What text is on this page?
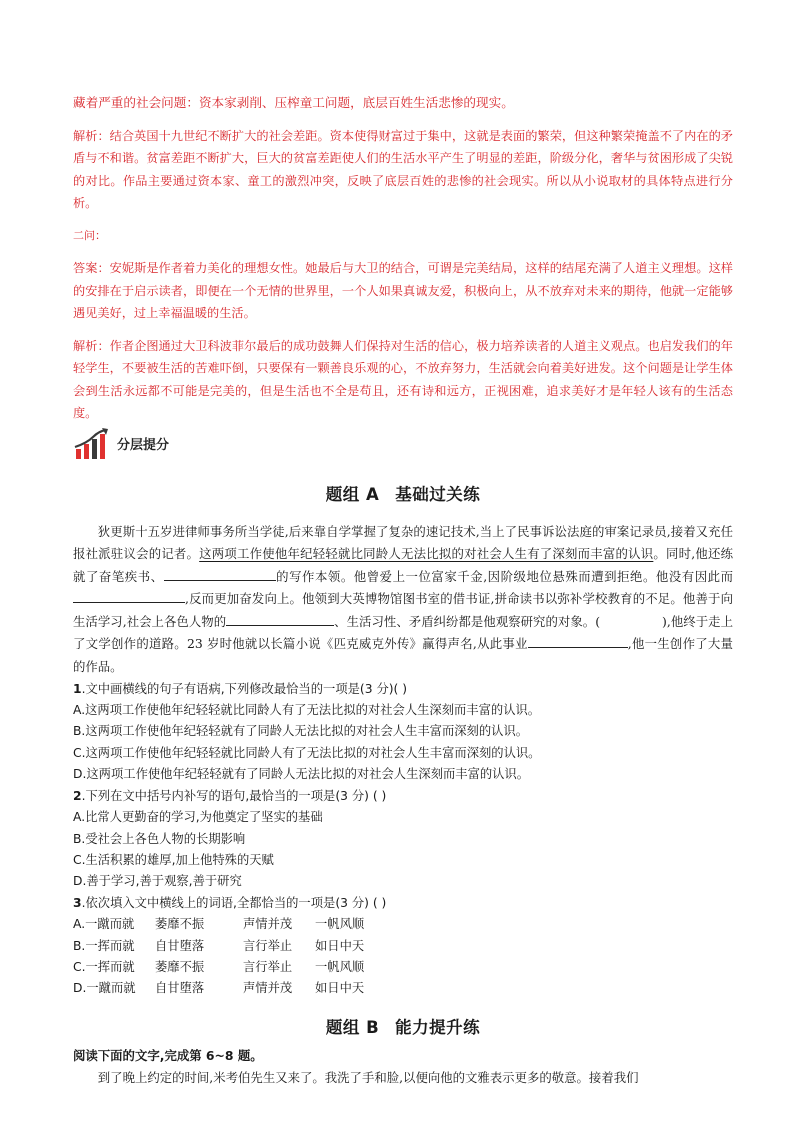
藏着严重的社会问题：资本家剥削、压榨童工问题，底层百姓生活悲惨的现实。

解析：结合英国十九世纪不断扩大的社会差距。资本使得财富过于集中，这就是表面的繁荣，但这种繁荣掩盖不了内在的矛盾与不和谐。贫富差距不断扩大，巨大的贫富差距使人们的生活水平产生了明显的差距，阶级分化，奢华与贫困形成了尖锐的对比。作品主要通过资本家、童工的激烈冲突，反映了底层百姓的悲惨的社会现实。所以从小说取材的具体特点进行分析。

二问：

答案：安妮斯是作者着力美化的理想女性。她最后与大卫的结合，可谓是完美结局，这样的结尾充满了人道主义理想。这样的安排在于启示读者，即便在一个无情的世界里，一个人如果真诚友爱，积极向上，从不放弃对未来的期待，他就一定能够遇见美好，过上幸福温暖的生活。

解析：作者企图通过大卫科波菲尔最后的成功鼓舞人们保持对生活的信心，极力培养读者的人道主义观点。也启发我们的年轻学生，不要被生活的苦难吓倒，只要保有一颗善良乐观的心，不放弃努力，生活就会向着美好进发。这个问题是让学生体会到生活永远都不可能是完美的，但是生活也不全是苟且，还有诗和远方，正视困难，追求美好才是年轻人该有的生活态度。

分层提分
题组 A 基础过关练

狄更斯十五岁进律师事务所当学徒,后来靠自学掌握了复杂的速记技术,当上了民事诉讼法庭的审案记录员,接着又充任报社派驻议会的记者。这两项工作使他年纪轻轻就比同龄人无法比拟的对社会人生有了深刻而丰富的认识。同时,他还练就了奋笔疾书、	的写作本领。他曾爱上一位富家千金,因阶级地位悬殊而遭到拒绝。他没有因此而,反而更加奋发向上。他领到大英博物馆图书室的借书证,拼命读书以弥补学校教育的不足。他善于向生活学习,社会上各色人物的	、生活习性、矛盾纠纷都是他观察研究的对象。(	),他终于走上了文学创作的道路。23 岁时他就以长篇小说《匹克威克外传》赢得声名,从此事业	,他一生创作了大量的作品。

1.文中画横线的句子有语病,下列修改最恰当的一项是(3 分)( )

A.这两项工作使他年纪轻轻就比同龄人有了无法比拟的对社会人生深刻而丰富的认识。

B.这两项工作使他年纪轻轻就有了同龄人无法比拟的对社会人生丰富而深刻的认识。

C.这两项工作使他年纪轻轻就比同龄人有了无法比拟的对社会人生丰富而深刻的认识。

D.这两项工作使他年纪轻轻就有了同龄人无法比拟的对社会人生深刻而丰富的认识。

2.下列在文中括号内补写的语句,最恰当的一项是(3 分) ( )

A.比常人更勤奋的学习,为他奠定了坚实的基础

B.受社会上各色人物的长期影响

C.生活积累的雄厚,加上他特殊的天赋

D.善于学习,善于观察,善于研究

3.依次填入文中横线上的词语,全都恰当的一项是(3 分) ( )

A.一蹴而就 萎靡不振	声情并茂 一帆风顺

B.一挥而就 自甘堕落	言行举止 如日中天

C.一挥而就 萎靡不振	言行举止 一帆风顺

D.一蹴而就 自甘堕落	声情并茂 如日中天

题组 B 能力提升练

阅读下面的文字,完成第 6~8 题。

到了晚上约定的时间,米考伯先生又来了。我洗了手和脸,以便向他的文雅表示更多的敬意。接着我们
